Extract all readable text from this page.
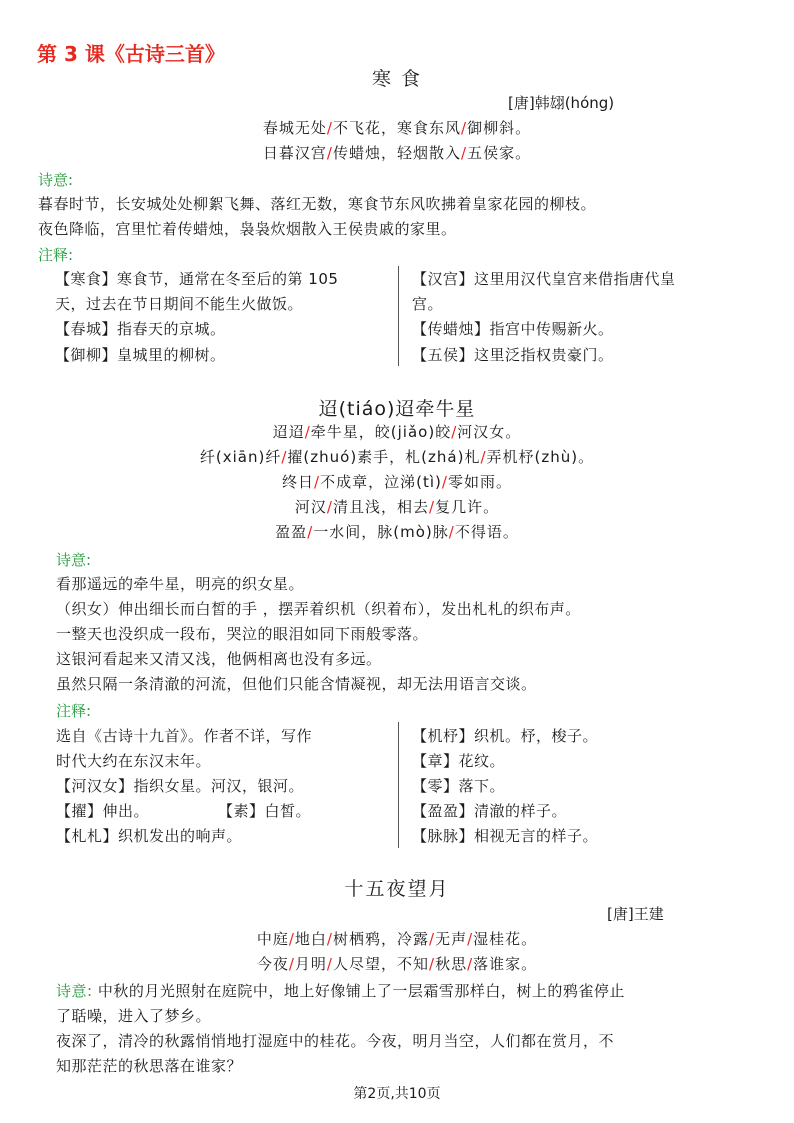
第 3 课《古诗三首》
寒 食
[唐]韩翃(hóng)
春城无处/不飞花，寒食东风/御柳斜。
日暮汉宫/传蜡烛，轻烟散入/五侯家。
诗意:
暮春时节，长安城处处柳絮飞舞、落红无数，寒食节东风吹拂着皇家花园的柳枝。
夜色降临，宫里忙着传蜡烛，袅袅炊烟散入王侯贵戚的家里。
注释:
【寒食】寒食节，通常在冬至后的第 105
天，过去在节日期间不能生火做饭。
【春城】指春天的京城。
【御柳】皇城里的柳树。
【汉宫】这里用汉代皇宫来借指唐代皇
宫。
【传蜡烛】指宫中传赐新火。
【五侯】这里泛指权贵豪门。
迢(tiáo)迢牵牛星
迢迢/牵牛星，皎(jiǎo)皎/河汉女。
纤(xiān)纤/擢(zhuó)素手，札(zhá)札/弄机杼(zhù)。
终日/不成章，泣涕(tì)/零如雨。
河汉/清且浅，相去/复几许。
盈盈/一水间，脉(mò)脉/不得语。
诗意:
看那遥远的牵牛星，明亮的织女星。
（织女）伸出细长而白皙的手 ，摆弄着织机（织着布），发出札札的织布声。
一整天也没织成一段布，哭泣的眼泪如同下雨般零落。
这银河看起来又清又浅，他俩相离也没有多远。
虽然只隔一条清澈的河流，但他们只能含情凝视，却无法用语言交谈。
注释:
选自《古诗十九首》。作者不详，写作
时代大约在东汉末年。
【河汉女】指织女星。河汉，银河。
【擢】伸出。	【素】白皙。
【札札】织机发出的响声。
【机杼】织机。杼，梭子。
【章】花纹。
【零】落下。
【盈盈】清澈的样子。
【脉脉】相视无言的样子。
十五夜望月
[唐]王建
中庭/地白/树栖鸦，冷露/无声/湿桂花。
今夜/月明/人尽望，不知/秋思/落谁家。
诗意: 中秋的月光照射在庭院中，地上好像铺上了一层霜雪那样白，树上的鸦雀停止
了聒噪，进入了梦乡。
夜深了，清冷的秋露悄悄地打湿庭中的桂花。今夜，明月当空，人们都在赏月，不
知那茫茫的秋思落在谁家？
第2页,共10页
